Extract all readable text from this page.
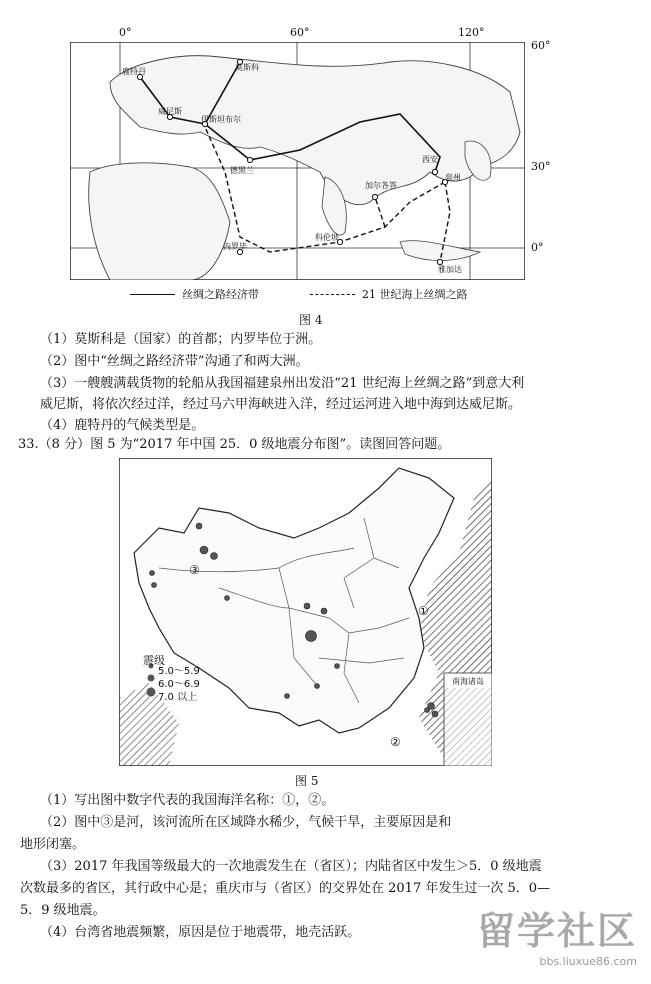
鹿特丹	莫斯科
威尼斯
伊斯坦布尔
德黑兰
西安
加尔各答
泉州
科伦坡
内罗毕
雅加达
0°	60°	120°
60°
30°
0°
丝绸之路经济带	21 世纪海上丝绸之路
图 4
（1）莫斯科是（国家）的首都；内罗毕位于洲。
（2）图中“丝绸之路经济带”沟通了和两大洲。
（3）一艘艘满载货物的轮船从我国福建泉州出发沿“21 世纪海上丝绸之路”到意大利
威尼斯，将依次经过洋，经过马六甲海峡进入洋，经过运河进入地中海到达威尼斯。
（4）鹿特丹的气候类型是。
33.（8 分）图 5 为“2017 年中国 25．0 级地震分布图”。读图回答问题。
震级
5.0～5.9
6.0～6.9
7.0 以上
①
②
③
南海诸岛
图 5
（1）写出图中数字代表的我国海洋名称：①，②。
（2）图中③是河，该河流所在区域降水稀少，气候干旱，主要原因是和
地形闭塞。
（3）2017 年我国等级最大的一次地震发生在（省区）；内陆省区中发生＞5．0 级地震
次数最多的省区，其行政中心是；重庆市与（省区）的交界处在 2017 年发生过一次 5．0—
5．9 级地震。
（4）台湾省地震频繁，原因是位于地震带，地壳活跃。	留学社区
bbs.liuxue86.com
